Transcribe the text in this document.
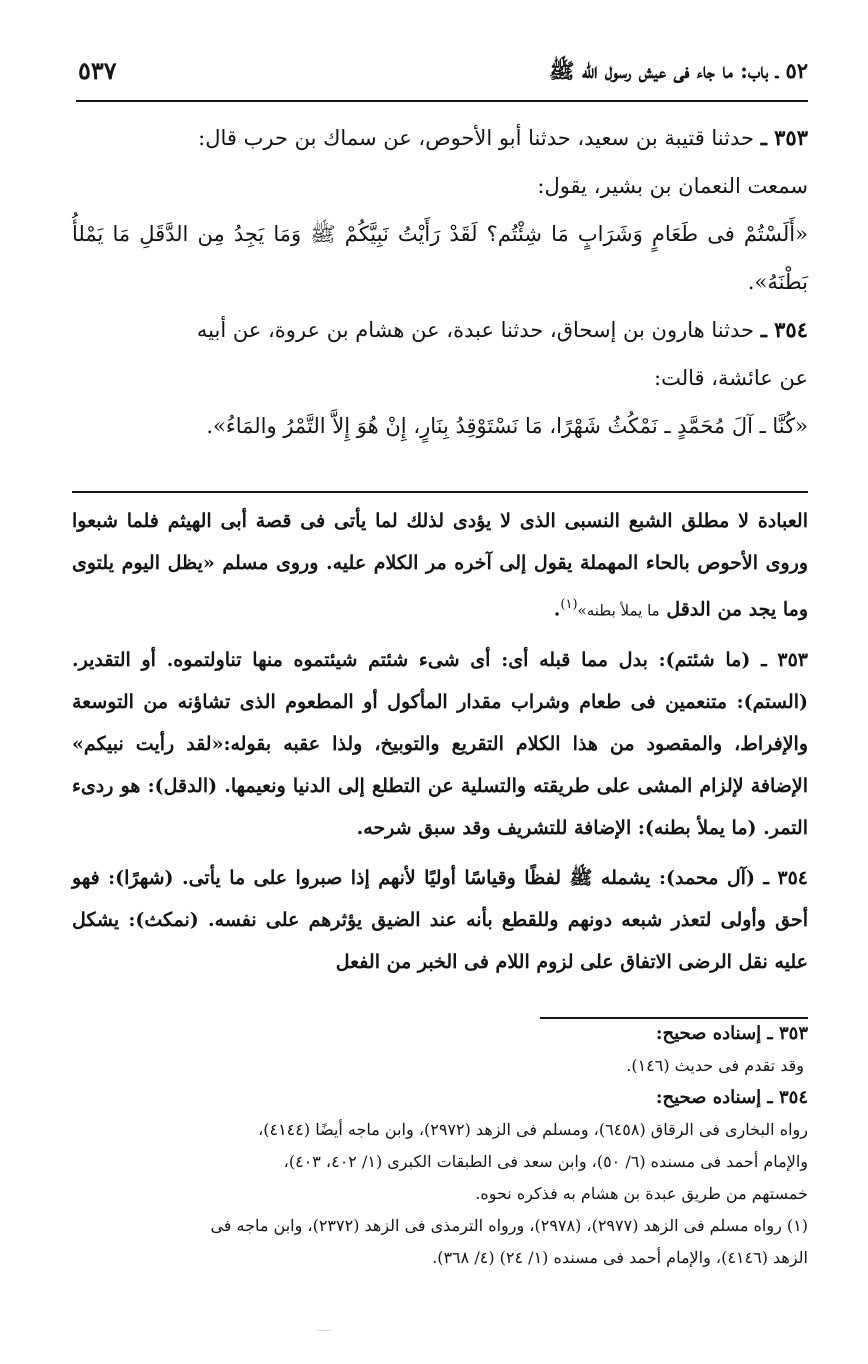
٥٢ ـ باب: ما جاء فى عيش رسول الله ﷺ
٥٣٧

٣٥٣ ـ حدثنا قتيبة بن سعيد، حدثنا أبو الأحوص، عن سماك بن حرب قال:

سمعت النعمان بن بشير، يقول:

«أَلَسْتُمْ فى طَعَامٍ وَشَرَابٍ مَا شِئْتُم؟ لَقَدْ رَأَيْتُ نَبِيَّكُمْ ﷺ وَمَا يَجِدُ مِن الدَّقَلِ مَا يَمْلأُ بَطْنَهُ».

٣٥٤ ـ حدثنا هارون بن إسحاق، حدثنا عبدة، عن هشام بن عروة، عن أبيه

عن عائشة، قالت:

«كُنَّا ـ آلَ مُحَمَّدٍ ـ نَمْكُثُ شَهْرًا، مَا نَسْتَوْقِدُ بِنَارٍ، إِنْ هُوَ إِلاَّ التَّمْرُ والمَاءُ».

العبادة لا مطلق الشبع النسبى الذى لا يؤدى لذلك لما يأتى فى قصة أبى الهيثم فلما شبعوا وروى الأحوص بالحاء المهملة يقول إلى آخره مر الكلام عليه. وروى مسلم «يظل اليوم يلتوى وما يجد من الدقل ما يملأ بطنه»$^{(١)}$.

٣٥٣ ـ (ما شئتم): بدل مما قبله أى: أى شىء شئتم شيئتموه منها تناولتموه. أو التقدير. (الستم): متنعمين فى طعام وشراب مقدار المأكول أو المطعوم الذى تشاؤنه من التوسعة والإفراط، والمقصود من هذا الكلام التقريع والتوبيخ، ولذا عقبه بقوله:«لقد رأيت نبيكم» الإضافة لإلزام المشى على طريقته والتسلية عن التطلع إلى الدنيا ونعيمها. (الدقل): هو ردىء التمر. (ما يملأ بطنه): الإضافة للتشريف وقد سبق شرحه.

٣٥٤ ـ (آل محمد): يشمله ﷺ لفظًا وقياسًا أوليًا لأنهم إذا صبروا على ما يأتى. (شهرًا): فهو أحق وأولى لتعذر شبعه دونهم وللقطع بأنه عند الضيق يؤثرهم على نفسه. (نمكث): يشكل عليه نقل الرضى الاتفاق على لزوم اللام فى الخبر من الفعل

٣٥٣ ـ إسناده صحيح:

وقد تقدم فى حديث (١٤٦).

٣٥٤ ـ إسناده صحيح:

رواه البخارى فى الرقاق (٦٤٥٨)، ومسلم فى الزهد (٢٩٧٢)، وابن ماجه أيضًا (٤١٤٤)،

والإمام أحمد فى مسنده (٦/ ٥٠)، وابن سعد فى الطبقات الكبرى (١/ ٤٠٢، ٤٠٣)،

خمستهم من طريق عبدة بن هشام به فذكره نحوه.

(١) رواه مسلم فى الزهد (٢٩٧٧)، (٢٩٧٨)، ورواه الترمذى فى الزهد (٢٣٧٢)، وابن ماجه فى

الزهد (٤١٤٦)، والإمام أحمد فى مسنده (١/ ٢٤) (٤/ ٣٦٨).
